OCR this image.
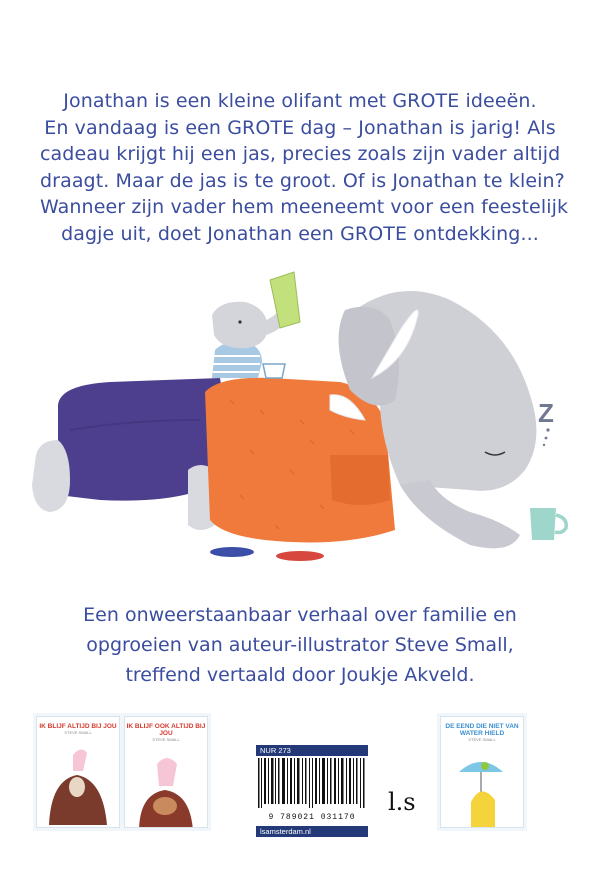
Jonathan is een kleine olifant met GROTE ideeën.
En vandaag is een GROTE dag – Jonathan is jarig! Als
cadeau krijgt hij een jas, precies zoals zijn vader altijd
draagt. Maar de jas is te groot. Of is Jonathan te klein?
Wanneer zijn vader hem meeneemt voor een feestelijk
dagje uit, doet Jonathan een GROTE ontdekking...
Z
Een onweerstaanbaar verhaal over familie en
opgroeien van auteur-illustrator Steve Small,
treffend vertaald door Joukje Akveld.
IK BLIJF ALTIJD BIJ JOU
STEVE SMALL
IK BLIJF OOK ALTIJD BIJ JOU
STEVE SMALL
DE EEND DIE NIET VAN WATER HIELD
STEVE SMALL
NUR 273
9 789021 031170
lsamsterdam.nl
l.s
